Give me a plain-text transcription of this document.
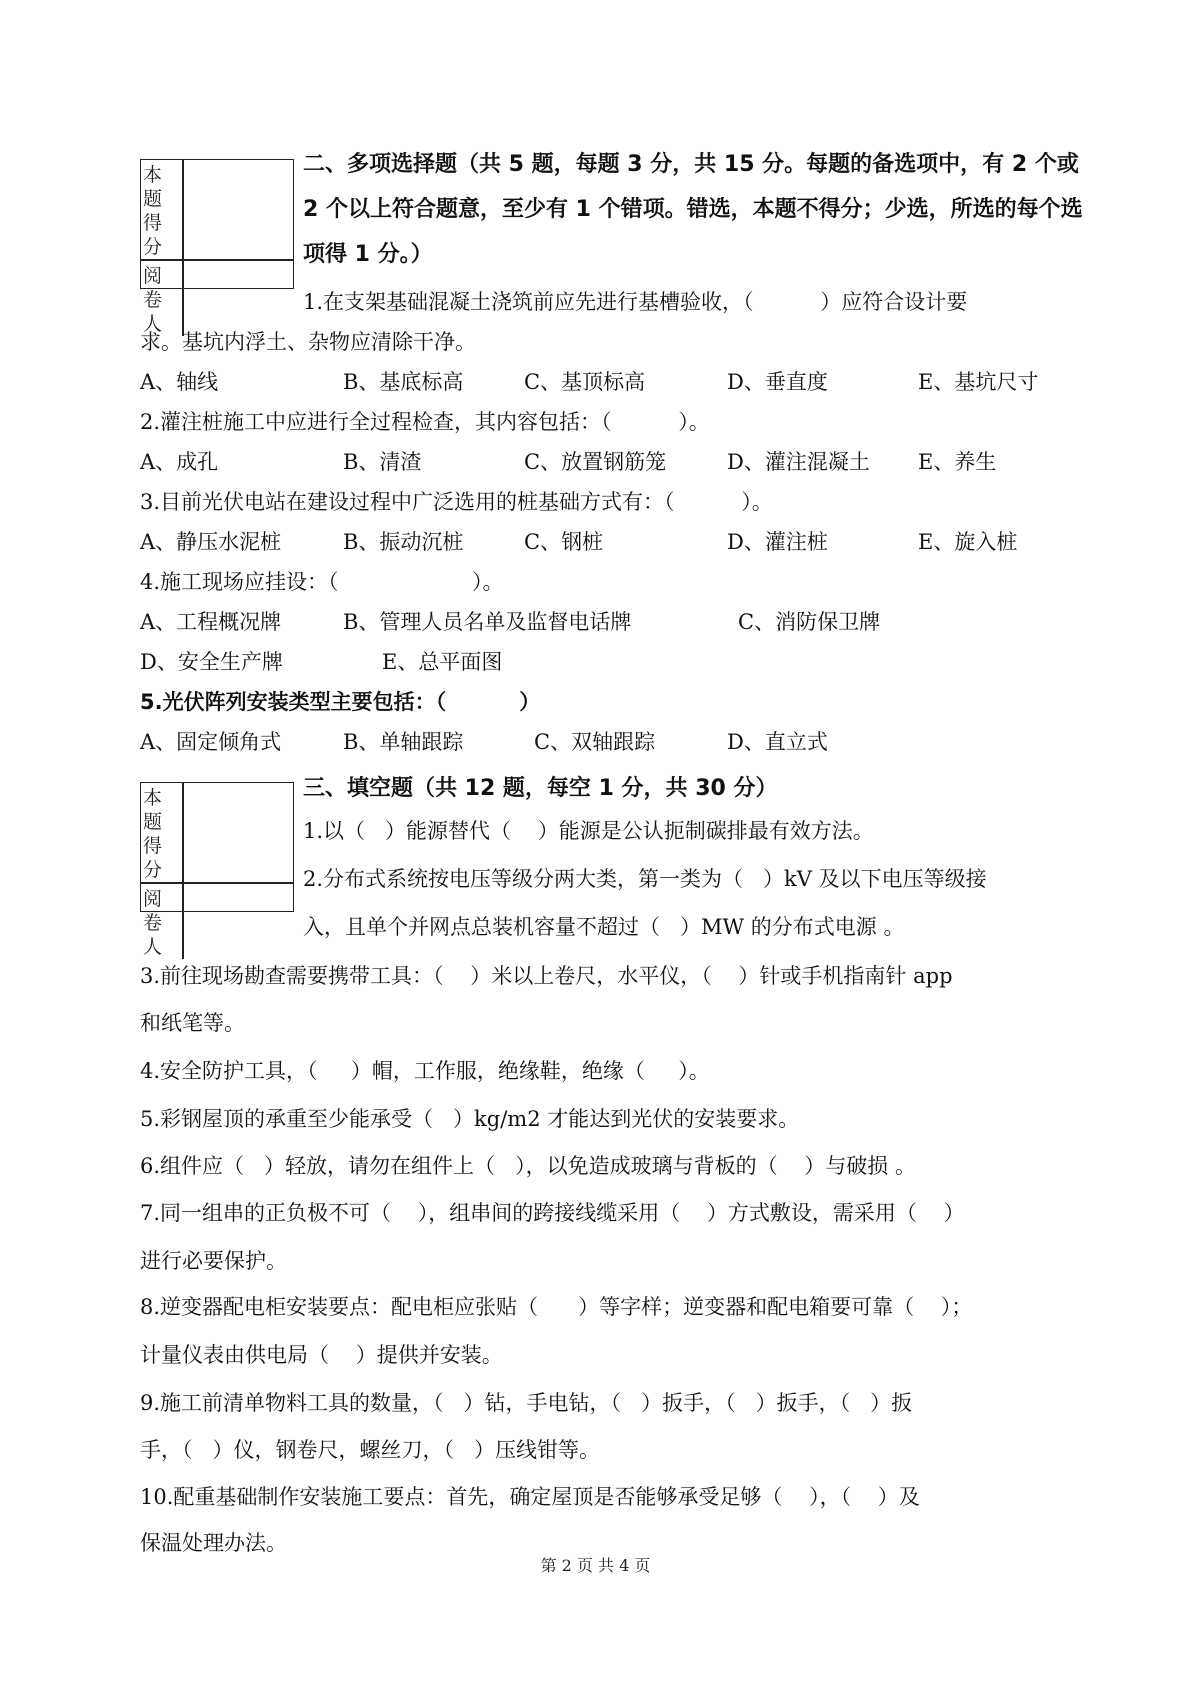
本题得分
阅卷人

二、多项选择题（共 5 题，每题 3 分，共 15 分。每题的备选项中，有 2 个或 2 个以上符合题意，至少有 1 个错项。错选，本题不得分；少选，所选的每个选项得 1 分。）

1.在支架基础混凝土浇筑前应先进行基槽验收，（          ）应符合设计要

求。基坑内浮土、杂物应清除干净。

A、轴线	B、基底标高	C、基顶标高	D、垂直度	E、基坑尺寸

2.灌注桩施工中应进行全过程检查，其内容包括：（          ）。

A、成孔	B、清渣	C、放置钢筋笼	D、灌注混凝土 E、养生

3.目前光伏电站在建设过程中广泛选用的桩基础方式有：（          ）。

A、静压水泥桩	B、振动沉桩	C、钢桩	D、灌注桩	E、旋入桩

4.施工现场应挂设：（                    ）。

A、工程概况牌	B、管理人员名单及监督电话牌	C、消防保卫牌
D、安全生产牌	E、总平面图

5.光伏阵列安装类型主要包括：（          ）

A、固定倾角式	B、单轴跟踪	C、双轴跟踪	D、直立式
本题得分
阅卷人

三、填空题（共 12 题，每空 1 分，共 30 分）

1.以（   ）能源替代（    ）能源是公认扼制碳排最有效方法。

2.分布式系统按电压等级分两大类，第一类为（   ）kV 及以下电压等级接

入，且单个并网点总装机容量不超过（   ）MW 的分布式电源 。

3.前往现场勘查需要携带工具：（    ）米以上卷尺，水平仪，（    ）针或手机指南针 app

和纸笔等。

4.安全防护工具，（     ）帽，工作服，绝缘鞋，绝缘（     ）。

5.彩钢屋顶的承重至少能承受（   ）kg/m2 才能达到光伏的安装要求。

6.组件应（   ）轻放，请勿在组件上（   ），以免造成玻璃与背板的（    ）与破损 。

7.同一组串的正负极不可（    ），组串间的跨接线缆采用（    ）方式敷设，需采用（    ）

进行必要保护。

8.逆变器配电柜安装要点：配电柜应张贴（      ）等字样；逆变器和配电箱要可靠（    ）；

计量仪表由供电局（    ）提供并安装。

9.施工前清单物料工具的数量，（   ）钻，手电钻，（   ）扳手，（   ）扳手，（   ）扳

手，（   ）仪，钢卷尺，螺丝刀，（   ）压线钳等。

10.配重基础制作安装施工要点：首先，确定屋顶是否能够承受足够（    ），（    ）及

保温处理办法。

第 2 页 共 4 页
